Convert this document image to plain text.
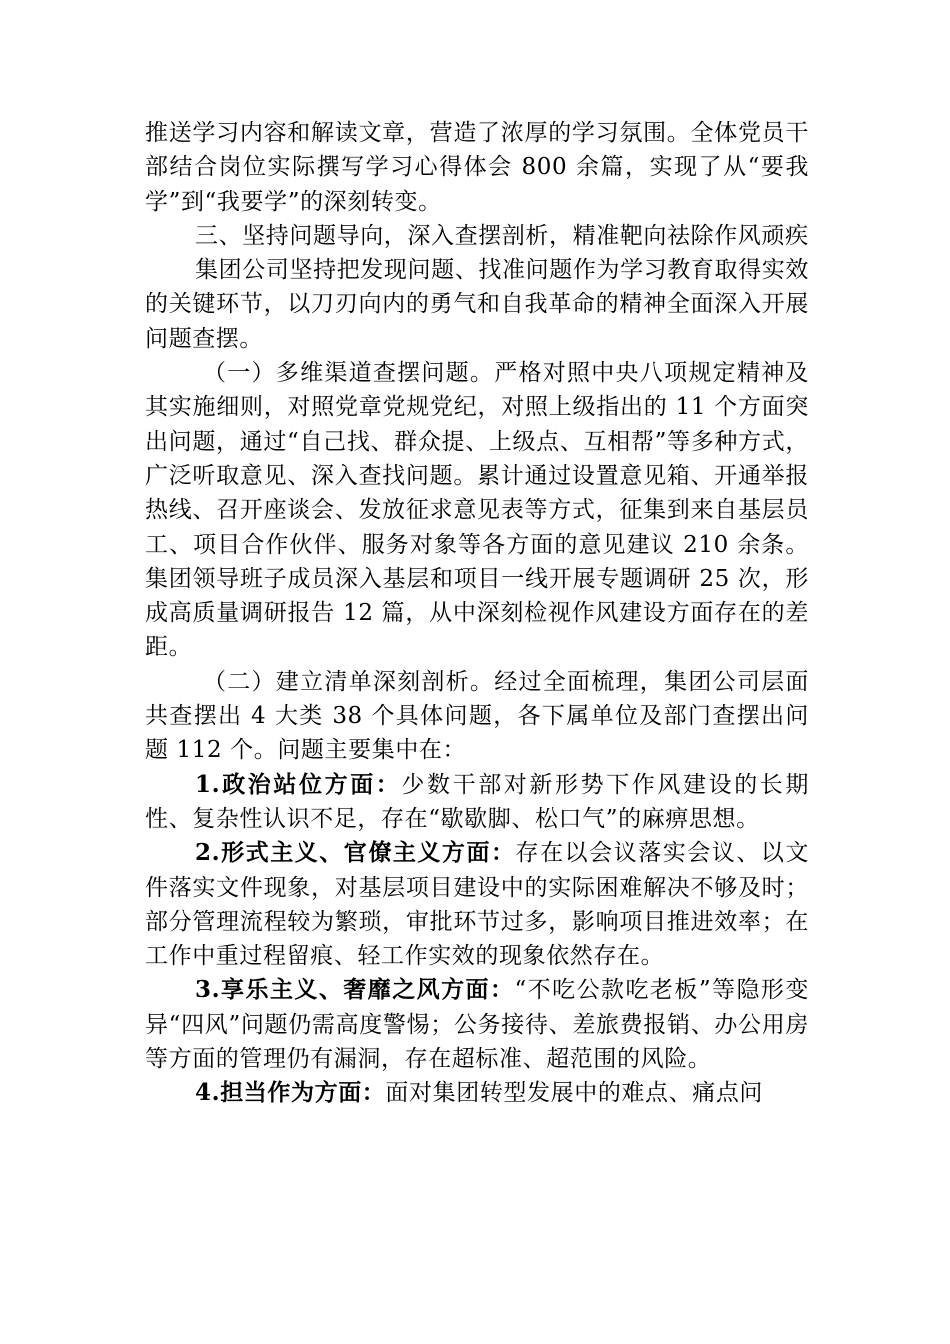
推送学习内容和解读文章，营造了浓厚的学习氛围。全体党员干部结合岗位实际撰写学习心得体会 800 余篇，实现了从“要我学”到“我要学”的深刻转变。

三、坚持问题导向，深入查摆剖析，精准靶向祛除作风顽疾

集团公司坚持把发现问题、找准问题作为学习教育取得实效的关键环节，以刀刃向内的勇气和自我革命的精神全面深入开展问题查摆。

（一）多维渠道查摆问题。严格对照中央八项规定精神及其实施细则，对照党章党规党纪，对照上级指出的 11 个方面突出问题，通过“自己找、群众提、上级点、互相帮”等多种方式，广泛听取意见、深入查找问题。累计通过设置意见箱、开通举报热线、召开座谈会、发放征求意见表等方式，征集到来自基层员工、项目合作伙伴、服务对象等各方面的意见建议 210 余条。集团领导班子成员深入基层和项目一线开展专题调研 25 次，形成高质量调研报告 12 篇，从中深刻检视作风建设方面存在的差距。

（二）建立清单深刻剖析。经过全面梳理，集团公司层面共查摆出 4 大类 38 个具体问题，各下属单位及部门查摆出问题 112 个。问题主要集中在：

1.政治站位方面：少数干部对新形势下作风建设的长期性、复杂性认识不足，存在“歇歇脚、松口气”的麻痹思想。

2.形式主义、官僚主义方面：存在以会议落实会议、以文件落实文件现象，对基层项目建设中的实际困难解决不够及时；部分管理流程较为繁琐，审批环节过多，影响项目推进效率；在工作中重过程留痕、轻工作实效的现象依然存在。

3.享乐主义、奢靡之风方面：“不吃公款吃老板”等隐形变异“四风”问题仍需高度警惕；公务接待、差旅费报销、办公用房等方面的管理仍有漏洞，存在超标准、超范围的风险。

4.担当作为方面：面对集团转型发展中的难点、痛点问
